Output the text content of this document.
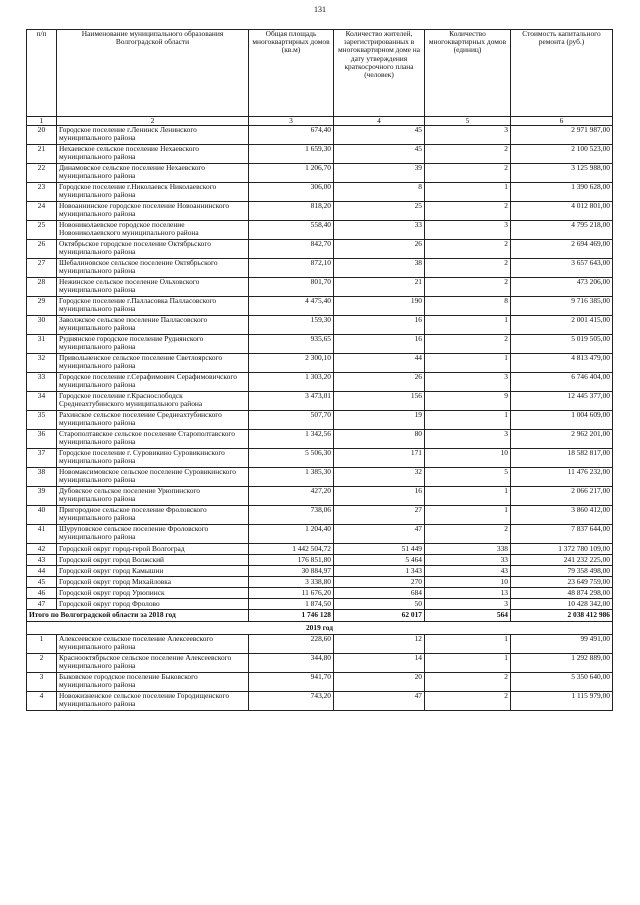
131
п/п	Наименование муниципального образования Волгоградской области	Общая площадь многоквартирных домов (кв.м)	Количество жителей, зарегистрированных в многоквартирном доме на дату утверждения краткосрочного плана (человек)	Количество многоквартирных домов (единиц)	Стоимость капитального ремонта (руб.)
1	2	3	4	5	6
20	Городское поселение г.Ленинск Ленинского муниципального района	674,40	45	3	2 971 987,00
21	Нехаевское сельское поселение Нехаевского муниципального района	1 659,30	45	2	2 100 523,00
22	Динамовское сельское поселение Нехаевского муниципального района	1 206,70	39	2	3 125 988,00
23	Городское поселение г.Николаевск Николаевского муниципального района	306,00	8	1	1 390 628,00
24	Новоаннинское городское поселение Новоаннинского муниципального района	818,20	25	2	4 012 801,00
25	Новониколаевское городское поселение Новониколаевского муниципального района	558,40	33	3	4 795 218,00
26	Октябрьское городское поселение Октябрьского муниципального района	842,70	26	2	2 694 469,00
27	Шебалиновское сельское поселение Октябрьского муниципального района	872,10	38	2	3 657 643,00
28	Нежинское сельское поселение Ольховского муниципального района	801,70	21	2	473 206,00
29	Городское поселение г.Палласовка Палласовского муниципального района	4 475,40	190	8	9 716 385,00
30	Заволжское сельское поселение Палласовского муниципального района	159,30	16	1	2 001 415,00
31	Руднянское городское поселение Руднянского муниципального района	935,65	16	2	5 019 505,00
32	Привольненское сельское поселение Светлоярского муниципального района	2 300,10	44	1	4 813 479,00
33	Городское поселение г.Серафимович Серафимовичского муниципального района	1 303,20	26	3	6 746 404,00
34	Городское поселение г.Краснослободск Среднеахтубинского муниципального района	3 473,01	156	9	12 445 377,00
35	Рахинское сельское поселение Среднеахтубинского муниципального района	507,70	19	1	1 004 609,00
36	Старополтавское сельское поселение Старополтавского муниципального района	1 342,56	80	3	2 962 201,00
37	Городское поселение г. Суровикино Суровикинского муниципального района	5 506,30	171	10	18 582 817,00
38	Новомаксимовское сельское поселение Суровикинского муниципального района	1 385,30	32	5	11 476 232,00
39	Дубовское сельское поселение Урюпинского муниципального района	427,20	16	1	2 066 217,00
40	Пригородное сельское поселение Фроловского муниципального района	738,06	27	1	3 860 412,00
41	Шуруповское сельское поселение Фроловского муниципального района	1 204,40	47	2	7 837 644,00
42	Городской округ город-герой Волгоград	1 442 504,72	51 449	338	1 372 780 109,00
43	Городской округ город Волжский	176 851,80	5 464	33	241 232 225,00
44	Городской округ город Камышин	30 884,97	1 343	43	79 358 498,00
45	Городской округ город Михайловка	3 338,80	270	10	23 649 759,00
46	Городской округ город Урюпинск	11 676,20	684	13	48 874 298,00
47	Городской округ город Фролово	1 874,50	50	3	10 428 342,00
Итого по Волгоградской области за 2018 год		1 746 128	62 017	564	2 038 412 986
2019 год					
1	Алексеевское сельское поселение Алексеевского муниципального района	228,60	12	1	99 491,00
2	Краснооктябрьское сельское поселение Алексеевского муниципального района	344,80	14	1	1 292 889,00
3	Быковское городское поселение Быковского муниципального района	941,70	20	2	5 350 640,00
4	Новожизненское сельское поселение Городищенского муниципального района	743,20	47	2	1 115 979,00
